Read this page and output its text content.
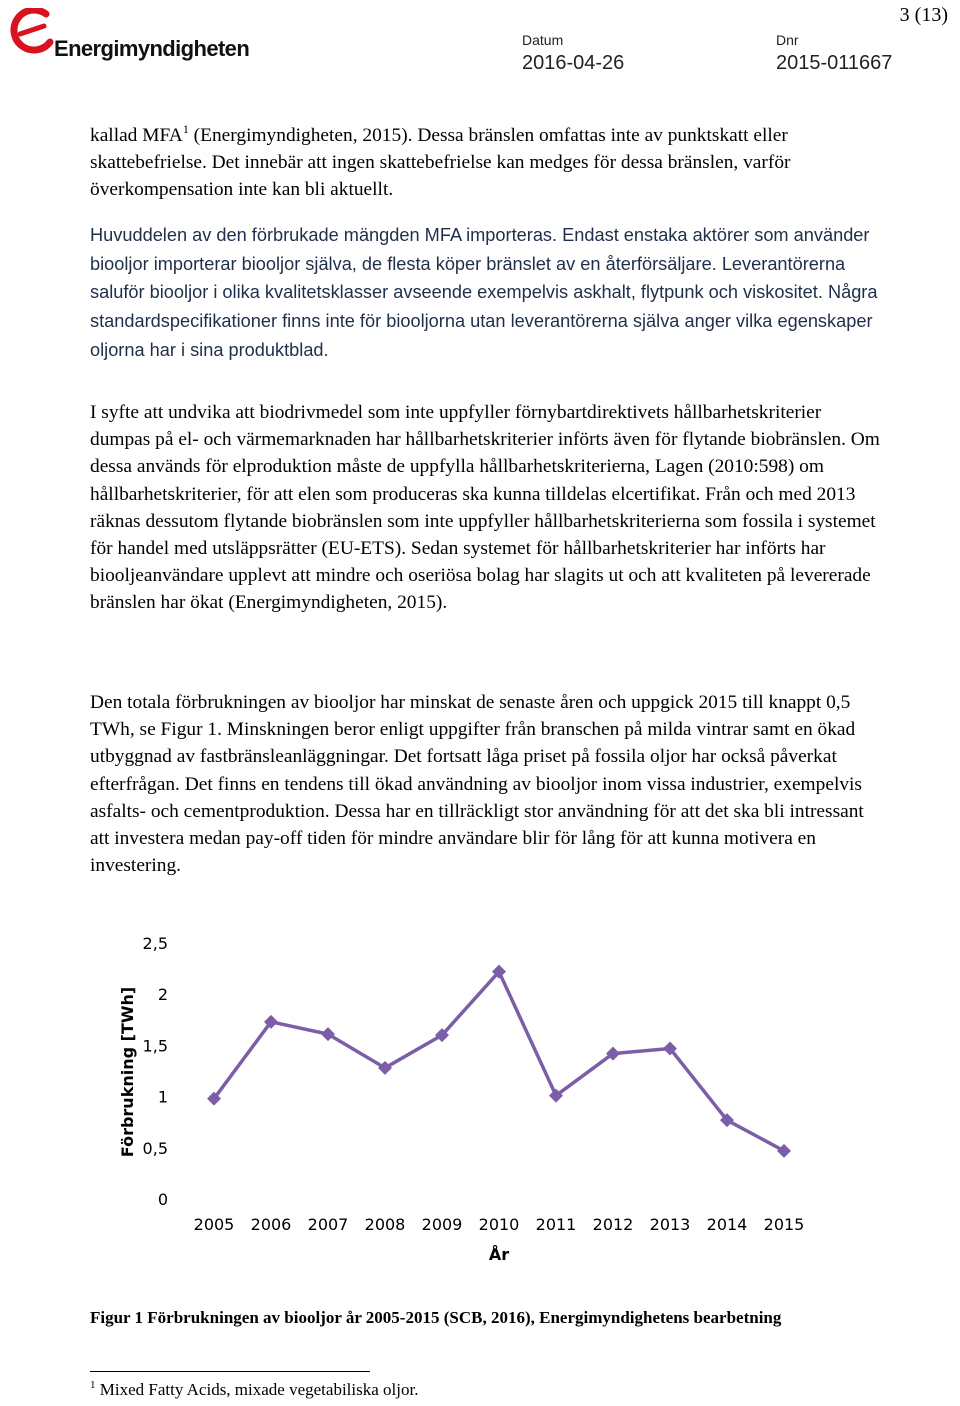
Energimyndigheten
3 (13)
Datum
2016-04-26
Dnr
2015-011667

kallad MFA$^1$ (Energimyndigheten, 2015). Dessa bränslen omfattas inte av punktskatt eller skattebefrielse. Det innebär att ingen skattebefrielse kan medges för dessa bränslen, varför överkompensation inte kan bli aktuellt.

Huvuddelen av den förbrukade mängden MFA importeras. Endast enstaka aktörer som använder biooljor importerar biooljor själva, de flesta köper bränslet av en återförsäljare. Leverantörerna saluför biooljor i olika kvalitetsklasser avseende exempelvis askhalt, flytpunk och viskositet. Några standardspecifikationer finns inte för biooljorna utan leverantörerna själva anger vilka egenskaper oljorna har i sina produktblad.

I syfte att undvika att biodrivmedel som inte uppfyller förnybartdirektivets hållbarhetskriterier dumpas på el- och värmemarknaden har hållbarhetskriterier införts även för flytande biobränslen. Om dessa används för elproduktion måste de uppfylla hållbarhetskriterierna, Lagen (2010:598) om hållbarhetskriterier, för att elen som produceras ska kunna tilldelas elcertifikat. Från och med 2013 räknas dessutom flytande biobränslen som inte uppfyller hållbarhetskriterierna som fossila i systemet för handel med utsläppsrätter (EU-ETS). Sedan systemet för hållbarhetskriterier har införts har biooljeanvändare upplevt att mindre och oseriösa bolag har slagits ut och att kvaliteten på levererade bränslen har ökat (Energimyndigheten, 2015).

Den totala förbrukningen av biooljor har minskat de senaste åren och uppgick 2015 till knappt 0,5 TWh, se Figur 1. Minskningen beror enligt uppgifter från branschen på milda vintrar samt en ökad utbyggnad av fastbränsleanläggningar. Det fortsatt låga priset på fossila oljor har också påverkat efterfrågan. Det finns en tendens till ökad användning av biooljor inom vissa industrier, exempelvis asfalts- och cementproduktion. Dessa har en tillräckligt stor användning för att det ska bli intressant att investera medan pay-off tiden för mindre användare blir för lång för att kunna motivera en investering.

Förbrukning [TWh]
År
0
0,5
1
1,5
2
2,5
2005 2006 2007 2008 2009 2010 2011 2012 2013 2014 2015
Figur 1 Förbrukningen av biooljor år 2005-2015 (SCB, 2016), Energimyndighetens bearbetning
$^1$ Mixed Fatty Acids, mixade vegetabiliska oljor.
